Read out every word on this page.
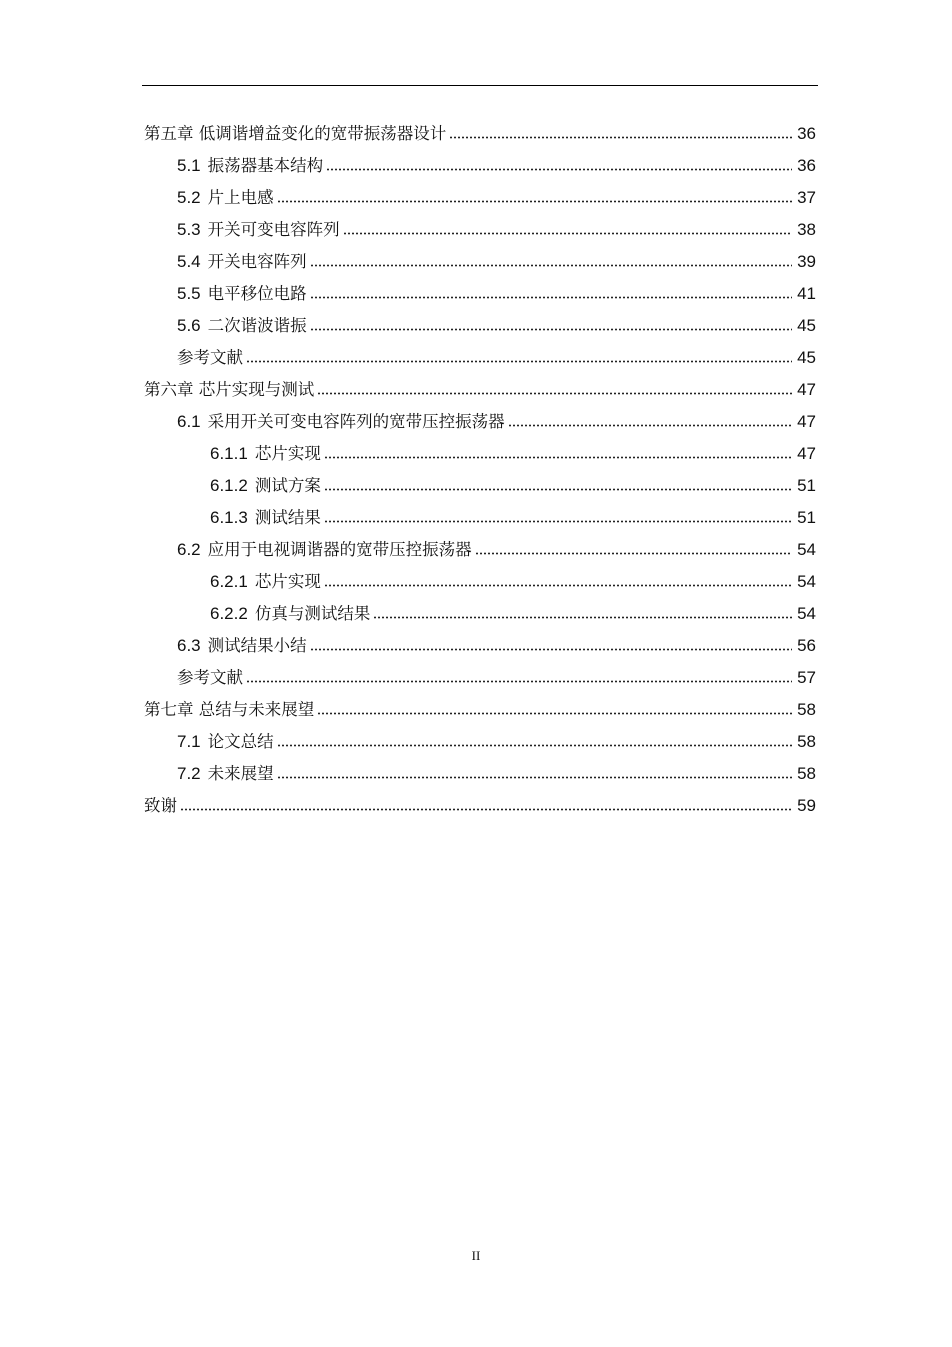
第五章 低调谐增益变化的宽带振荡器设计	36
5.1 振荡器基本结构	36
5.2 片上电感	37
5.3 开关可变电容阵列	38
5.4 开关电容阵列	39
5.5 电平移位电路	41
5.6 二次谐波谐振	45
参考文献	45
第六章 芯片实现与测试	47
6.1 采用开关可变电容阵列的宽带压控振荡器	47
6.1.1 芯片实现	47
6.1.2 测试方案	51
6.1.3 测试结果	51
6.2 应用于电视调谐器的宽带压控振荡器	54
6.2.1 芯片实现	54
6.2.2 仿真与测试结果	54
6.3 测试结果小结	56
参考文献	57
第七章 总结与未来展望	58
7.1 论文总结	58
7.2 未来展望	58
致谢	59
II
